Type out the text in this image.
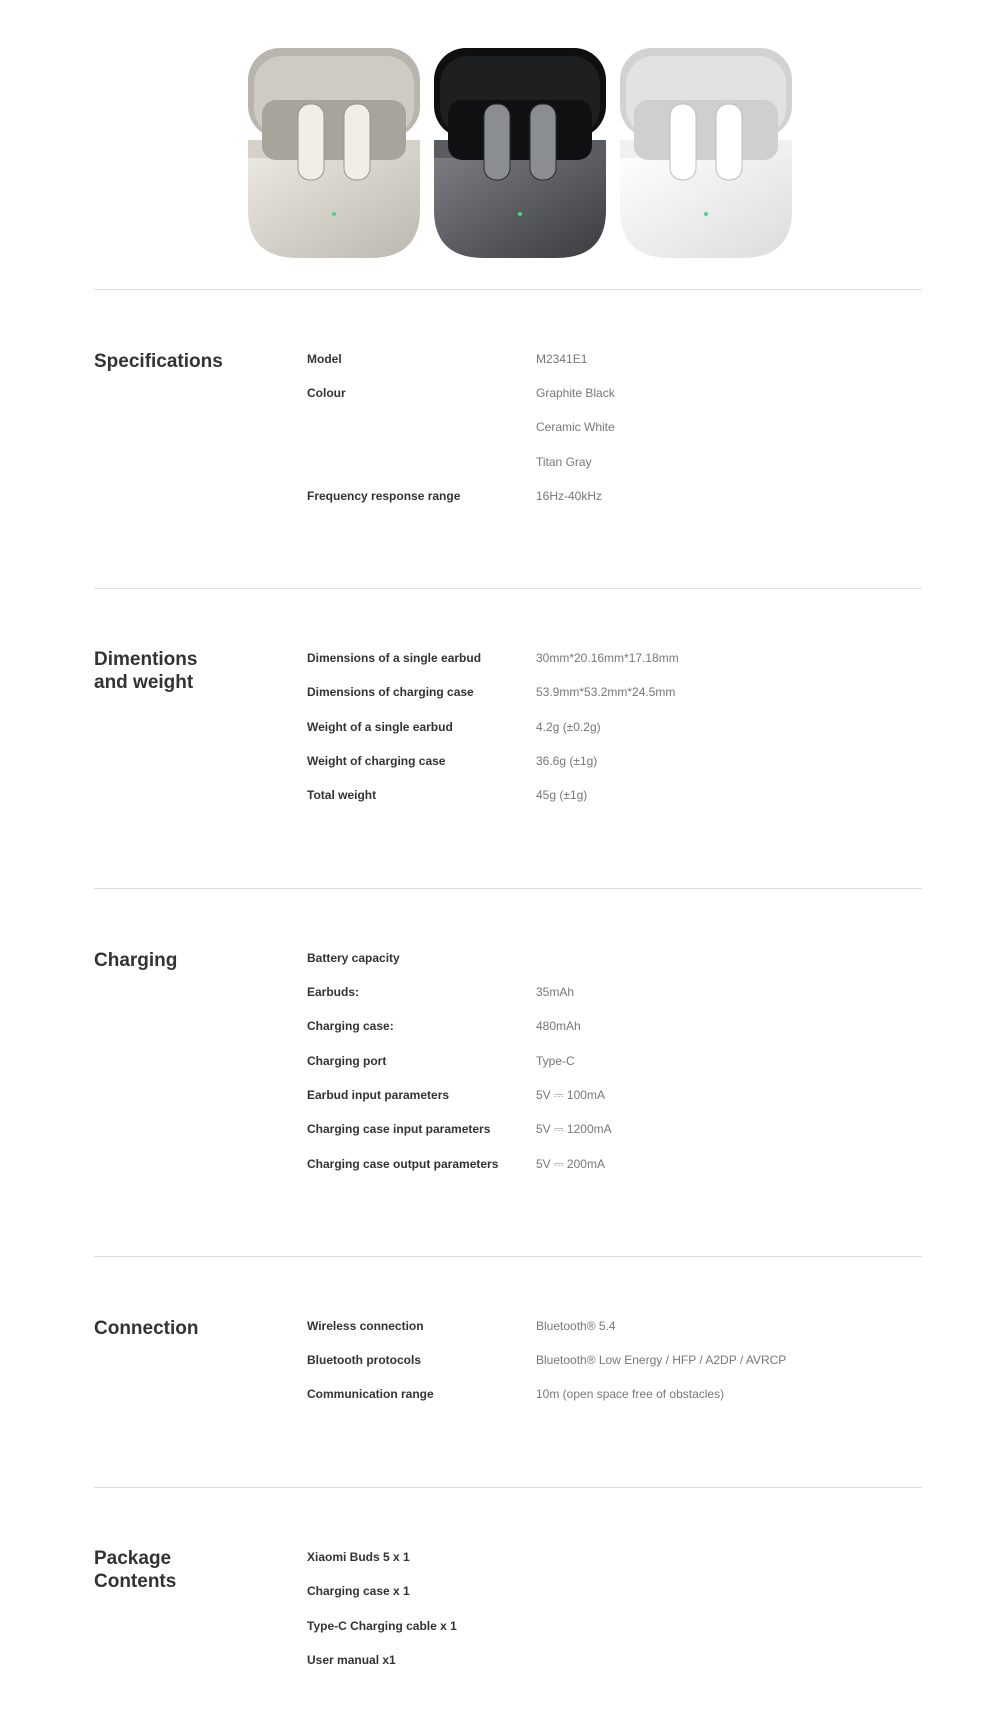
Specifications	Model	M2341E1
Colour	Graphite Black
Ceramic White
Titan Gray
Frequency response range	16Hz-40kHz
Dimentions
and weight
Dimensions of a single earbud	30mm*20.16mm*17.18mm
Dimensions of charging case	53.9mm*53.2mm*24.5mm
Weight of a single earbud	4.2g (±0.2g)
Weight of charging case	36.6g (±1g)
Total weight	45g (±1g)
Charging	Battery capacity
Earbuds:	35mAh
Charging case:	480mAh
Charging port	Type-C
Earbud input parameters	5V ⎓ 100mA
Charging case input parameters	5V ⎓ 1200mA
Charging case output parameters	5V ⎓ 200mA
Connection	Wireless connection	Bluetooth® 5.4
Bluetooth protocols	Bluetooth® Low Energy / HFP / A2DP / AVRCP
Communication range	10m (open space free of obstacles)
Package
Contents
Xiaomi Buds 5 x 1
Charging case x 1
Type-C Charging cable x 1
User manual x1
